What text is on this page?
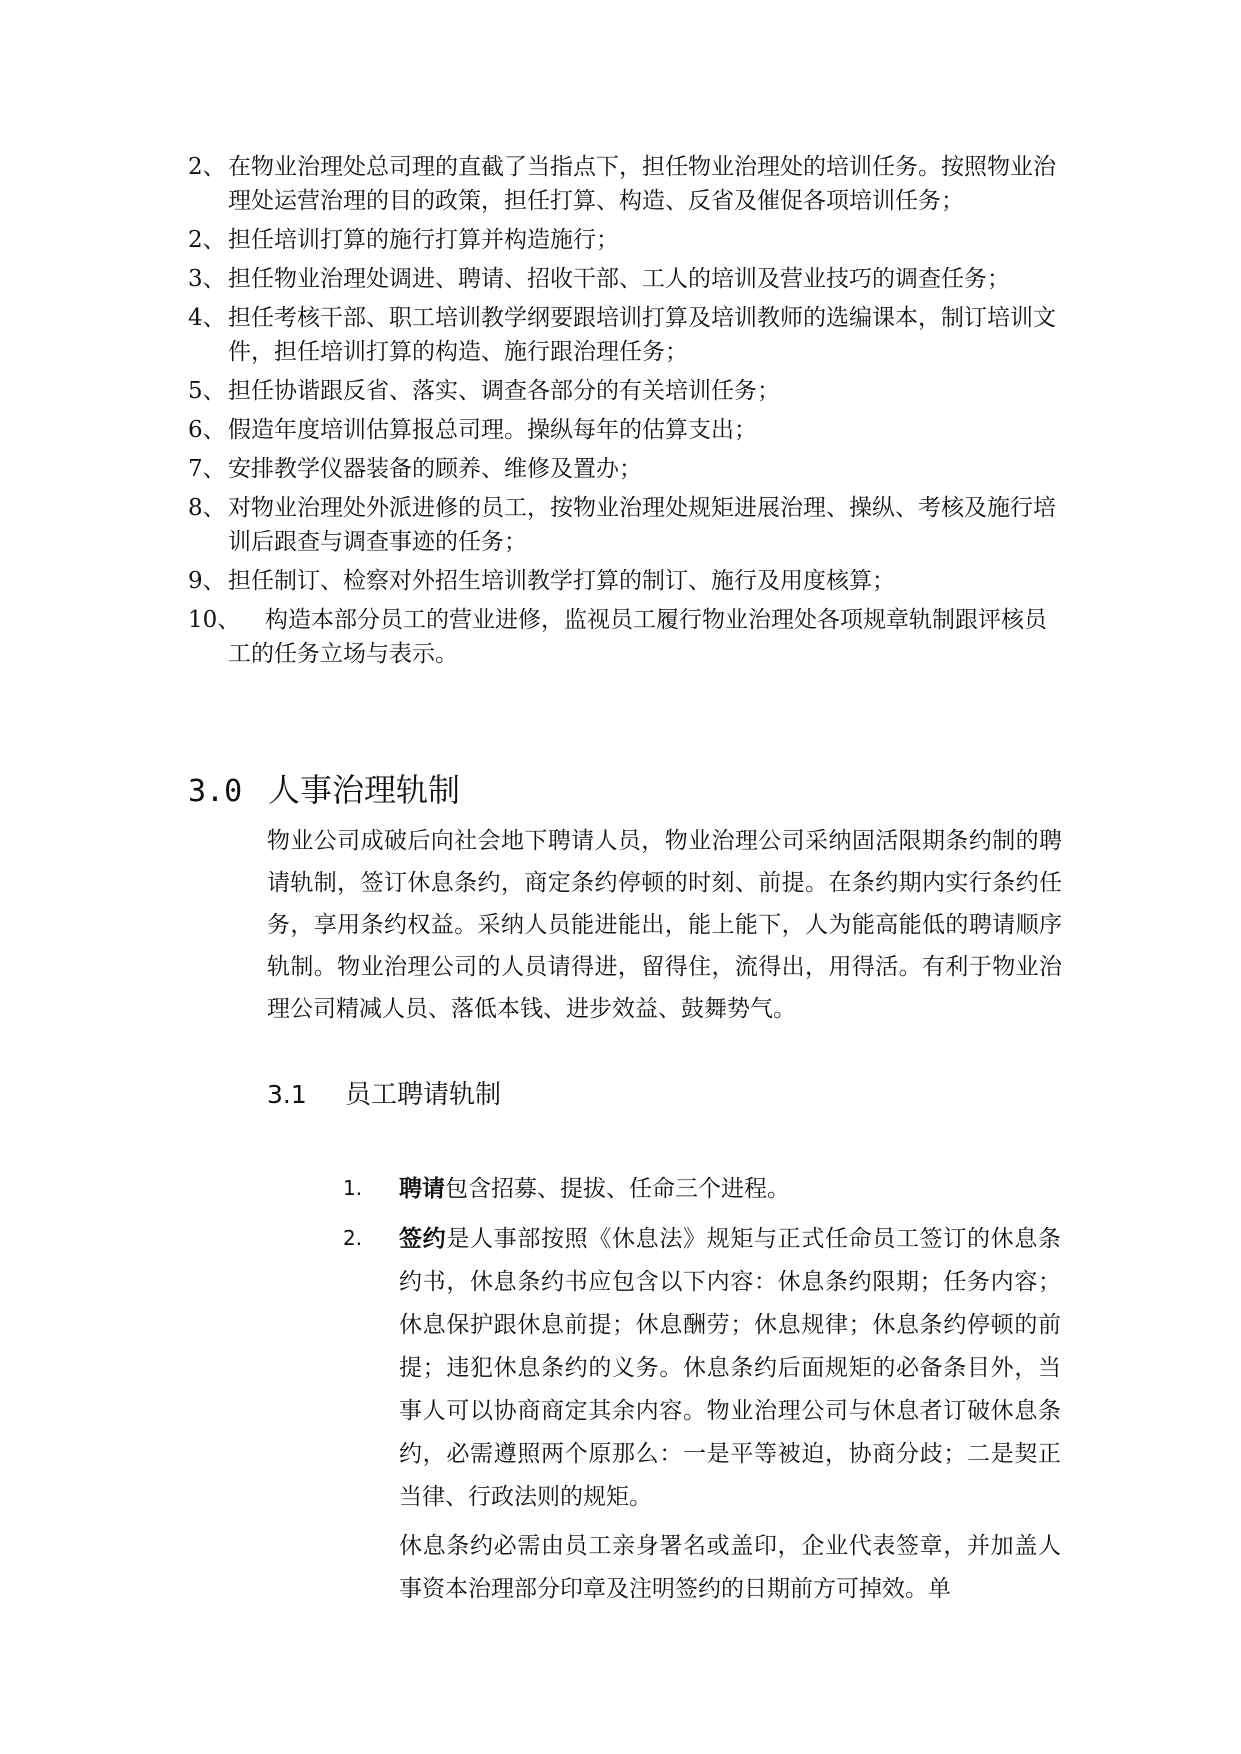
2、 在物业治理处总司理的直截了当指点下，担任物业治理处的培训任务。按照物业治理处运营治理的目的政策，担任打算、构造、反省及催促各项培训任务；
2、 担任培训打算的施行打算并构造施行；
3、 担任物业治理处调进、聘请、招收干部、工人的培训及营业技巧的调查任务；
4、 担任考核干部、职工培训教学纲要跟培训打算及培训教师的选编课本，制订培训文件，担任培训打算的构造、施行跟治理任务；
5、 担任协谐跟反省、落实、调查各部分的有关培训任务；
6、 假造年度培训估算报总司理。操纵每年的估算支出；
7、 安排教学仪器装备的顾养、维修及置办；
8、 对物业治理处外派进修的员工，按物业治理处规矩进展治理、操纵、考核及施行培训后跟查与调查事迹的任务；
9、 担任制订、检察对外招生培训教学打算的制订、施行及用度核算；
10、	构造本部分员工的营业进修，监视员工履行物业治理处各项规章轨制跟评核员工的任务立场与表示。
3.0 人事治理轨制
物业公司成破后向社会地下聘请人员，物业治理公司采纳固活限期条约制的聘请轨制，签订休息条约，商定条约停顿的时刻、前提。在条约期内实行条约任务，享用条约权益。采纳人员能进能出，能上能下，人为能高能低的聘请顺序轨制。物业治理公司的人员请得进，留得住，流得出，用得活。有利于物业治理公司精减人员、落低本钱、进步效益、鼓舞势气。
3.1 员工聘请轨制
1. 聘请包含招募、提拔、任命三个进程。
2. 签约是人事部按照《休息法》规矩与正式任命员工签订的休息条约书，休息条约书应包含以下内容：休息条约限期；任务内容；休息保护跟休息前提；休息酬劳；休息规律；休息条约停顿的前提；违犯休息条约的义务。休息条约后面规矩的必备条目外，当事人可以协商商定其余内容。物业治理公司与休息者订破休息条约，必需遵照两个原那么：一是平等被迫，协商分歧；二是契正当律、行政法则的规矩。
休息条约必需由员工亲身署名或盖印，企业代表签章，并加盖人事资本治理部分印章及注明签约的日期前方可掉效。单
